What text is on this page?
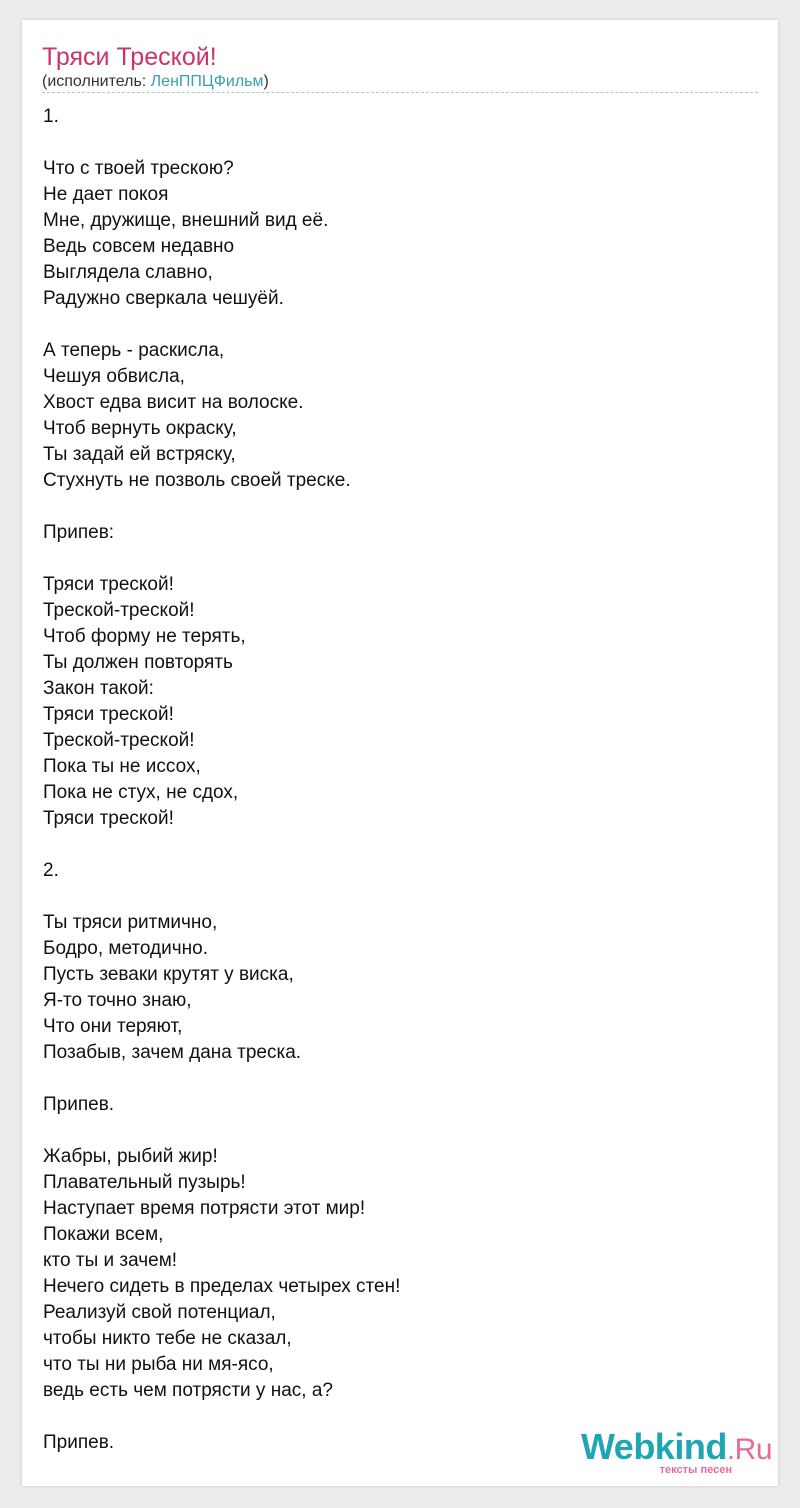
Тряси Треской!
(исполнитель: ЛенППЦФильм)
1.
Что с твоей трескою?
Не дает покоя
Мне, дружище, внешний вид её.
Ведь совсем недавно
Выглядела славно,
Радужно сверкала чешуёй.
А теперь - раскисла,
Чешуя обвисла,
Хвост едва висит на волоске.
Чтоб вернуть окраску,
Ты задай ей встряску,
Стухнуть не позволь своей треске.
Припев:
Тряси треской!
Треской-треской!
Чтоб форму не терять,
Ты должен повторять
Закон такой:
Тряси треской!
Треской-треской!
Пока ты не иссох,
Пока не стух, не сдох,
Тряси треской!
2.
Ты тряси ритмично,
Бодро, методично.
Пусть зеваки крутят у виска,
Я-то точно знаю,
Что они теряют,
Позабыв, зачем дана треска.
Припев.
Жабры, рыбий жир!
Плавательный пузырь!
Наступает время потрясти этот мир!
Покажи всем,
кто ты и зачем!
Нечего сидеть в пределах четырех стен!
Реализуй свой потенциал,
чтобы никто тебе не сказал,
что ты ни рыба ни мя-ясо,
ведь есть чем потрясти у нас, а?
Припев.	Webkind.Ru
тексты песен
